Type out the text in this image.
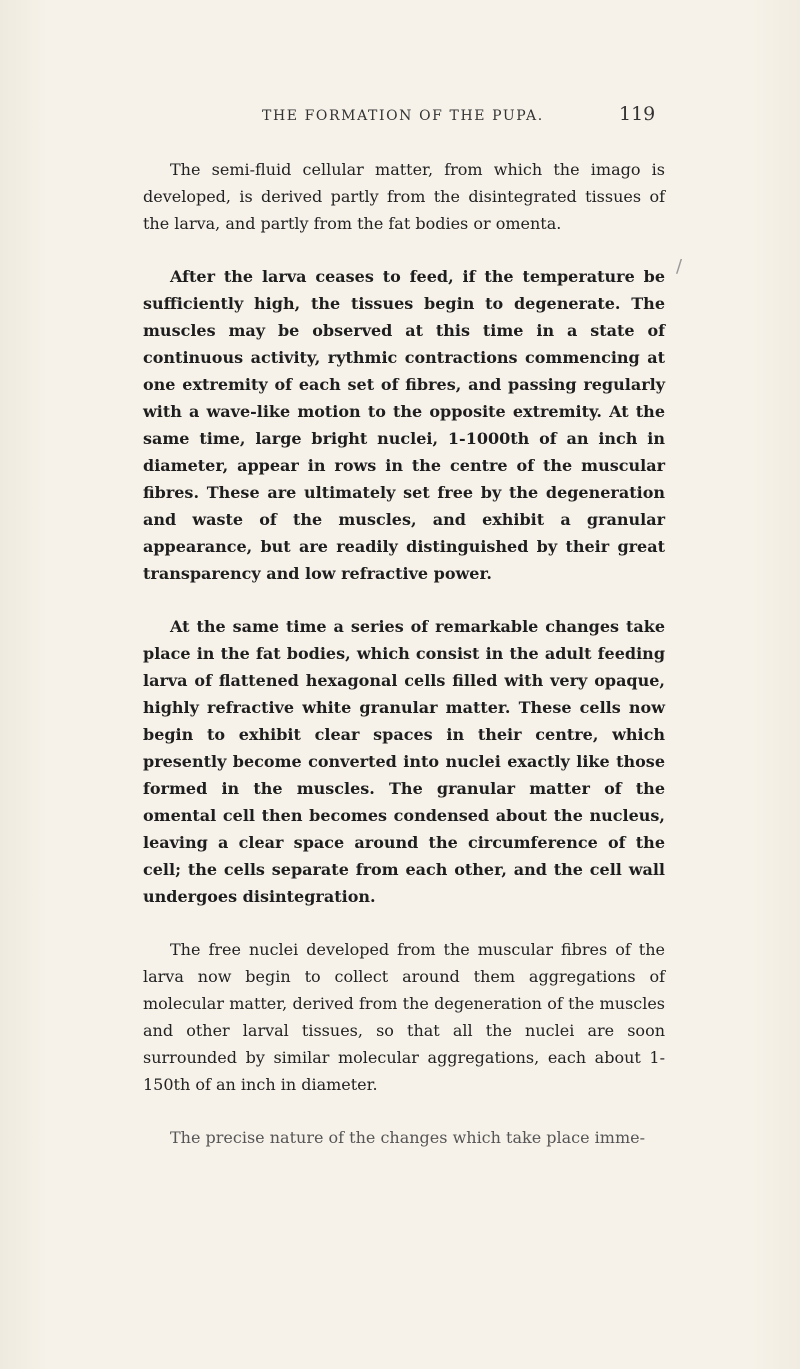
THE FORMATION OF THE PUPA.	119
/

The semi-fluid cellular matter, from which the imago is developed, is derived partly from the disintegrated tissues of the larva, and partly from the fat bodies or omenta.

After the larva ceases to feed, if the temperature be sufficiently high, the tissues begin to degenerate. The muscles may be observed at this time in a state of continuous activity, rythmic contractions commencing at one extremity of each set of fibres, and passing regularly with a wave-like motion to the opposite extremity. At the same time, large bright nuclei, 1-1000th of an inch in diameter, appear in rows in the centre of the muscular fibres. These are ultimately set free by the degeneration and waste of the muscles, and exhibit a granular appearance, but are readily distinguished by their great transparency and low refractive power.

At the same time a series of remarkable changes take place in the fat bodies, which consist in the adult feeding larva of flattened hexagonal cells filled with very opaque, highly refractive white granular matter. These cells now begin to exhibit clear spaces in their centre, which presently become converted into nuclei exactly like those formed in the muscles. The granular matter of the omental cell then becomes condensed about the nucleus, leaving a clear space around the circumference of the cell; the cells separate from each other, and the cell wall undergoes disintegration.

The free nuclei developed from the muscular fibres of the larva now begin to collect around them aggregations of molecular matter, derived from the degeneration of the muscles and other larval tissues, so that all the nuclei are soon surrounded by similar molecular aggregations, each about 1-150th of an inch in diameter.

The precise nature of the changes which take place imme-
